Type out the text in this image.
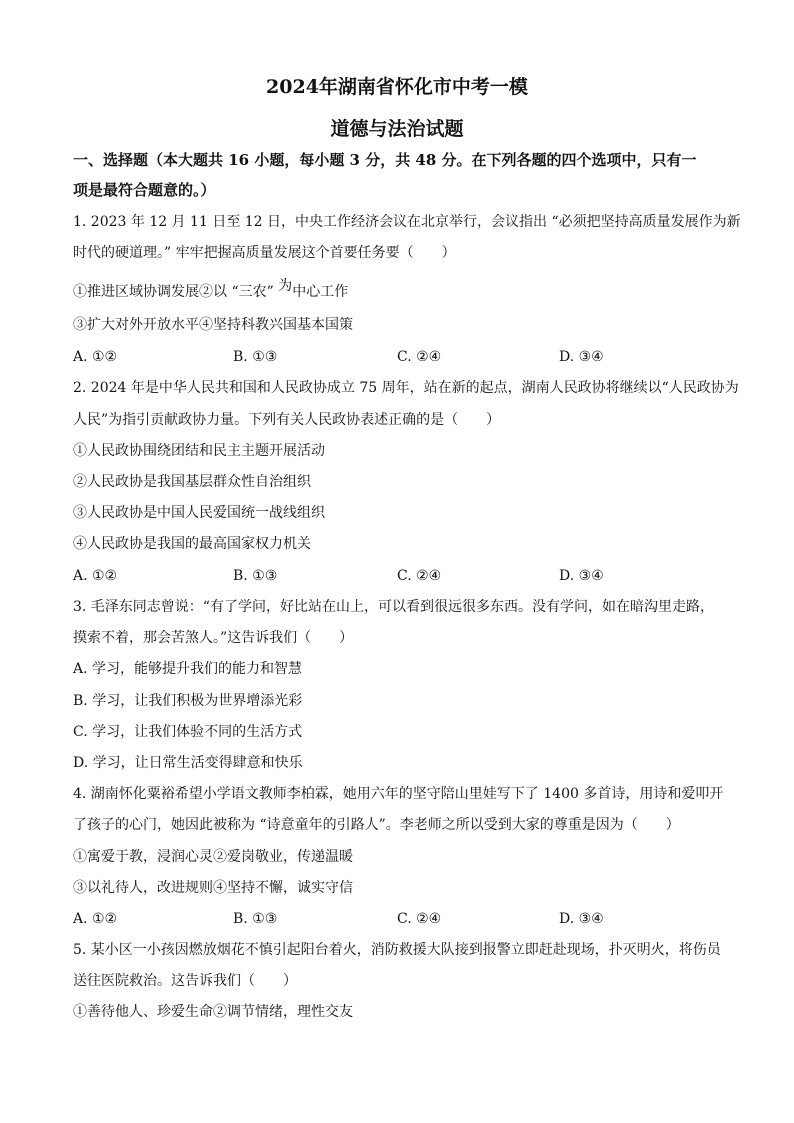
2024年湖南省怀化市中考一模
道德与法治试题
一、选择题（本大题共 16 小题，每小题 3 分，共 48 分。在下列各题的四个选项中，只有一
项是最符合题意的。）
1. 2023 年 12 月 11 日至 12 日，中央工作经济会议在北京举行，会议指出 “必须把坚持高质量发展作为新
时代的硬道理。” 牢牢把握高质量发展这个首要任务要（　　）
①推进区域协调发展②以 “三农” 为中心工作
③扩大对外开放水平④坚持科教兴国基本国策
A. ①②	B. ①③	C. ②④	D. ③④
2. 2024 年是中华人民共和国和人民政协成立 75 周年，站在新的起点，湖南人民政协将继续以“人民政协为
人民”为指引贡献政协力量。下列有关人民政协表述正确的是（　　）
①人民政协围绕团结和民主主题开展活动
②人民政协是我国基层群众性自治组织
③人民政协是中国人民爱国统一战线组织
④人民政协是我国的最高国家权力机关
A. ①②	B. ①③	C. ②④	D. ③④
3. 毛泽东同志曾说：“有了学问，好比站在山上，可以看到很远很多东西。没有学问，如在暗沟里走路，
摸索不着，那会苦煞人。”这告诉我们（　　）
A. 学习，能够提升我们的能力和智慧
B. 学习，让我们积极为世界增添光彩
C. 学习，让我们体验不同的生活方式
D. 学习，让日常生活变得肆意和快乐
4. 湖南怀化粟裕希望小学语文教师李柏霖，她用六年的坚守陪山里娃写下了 1400 多首诗，用诗和爱叩开
了孩子的心门，她因此被称为 “诗意童年的引路人”。李老师之所以受到大家的尊重是因为（　　）
①寓爱于教，浸润心灵②爱岗敬业，传递温暖
③以礼待人，改进规则④坚持不懈，诚实守信
A. ①②	B. ①③	C. ②④	D. ③④
5. 某小区一小孩因燃放烟花不慎引起阳台着火，消防救援大队接到报警立即赶赴现场，扑灭明火，将伤员
送往医院救治。这告诉我们（　　）
①善待他人、珍爱生命②调节情绪，理性交友
